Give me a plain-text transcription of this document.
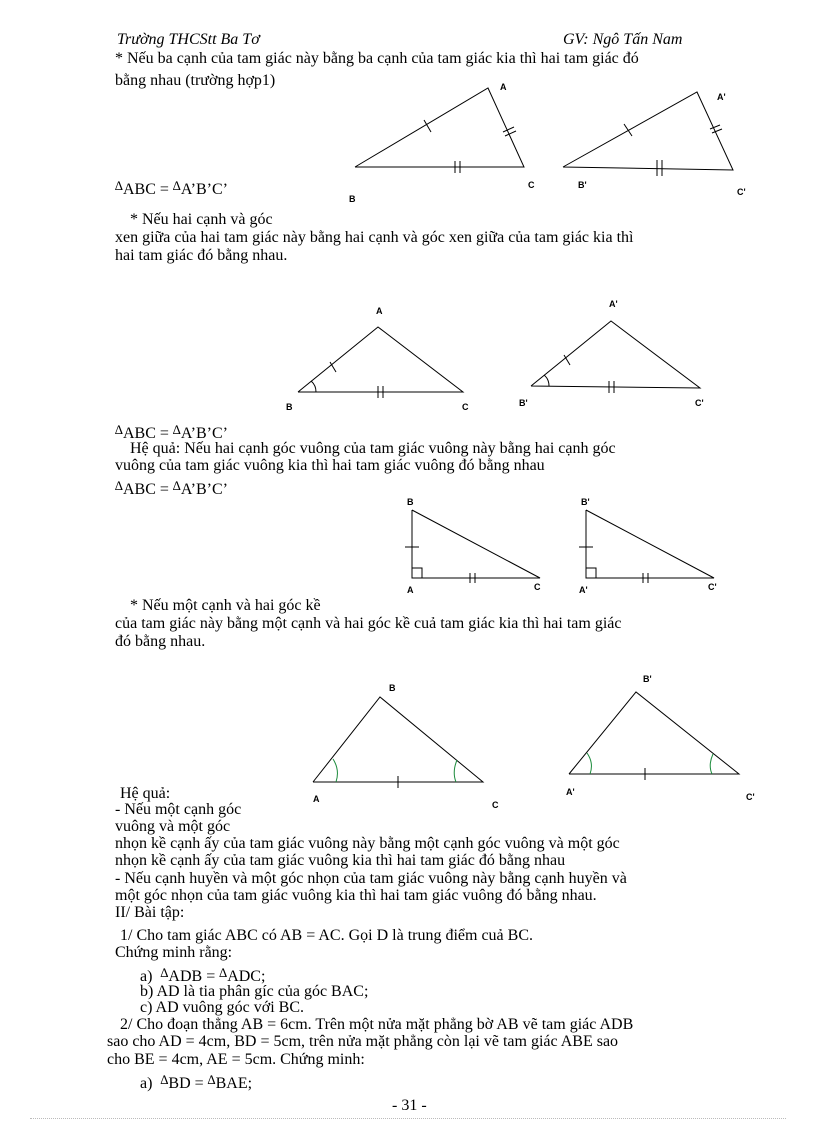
Trường THCStt Ba Tơ	GV: Ngô Tấn Nam
* Nếu ba cạnh của tam giác này bằng ba cạnh của tam giác kia thì hai tam giác đó
bằng nhau (trường hợp1)
∆ABC = ∆A’B’C’
* Nếu hai cạnh và góc
xen giữa của hai tam giác này bằng hai cạnh và góc xen giữa của tam giác kia thì
hai tam giác đó bằng nhau.
∆ABC = ∆A’B’C’
Hệ quả: Nếu hai cạnh góc vuông của tam giác vuông này bằng hai cạnh góc
vuông của tam giác vuông kia thì hai tam giác vuông đó bằng nhau
∆ABC = ∆A’B’C’
* Nếu một cạnh và hai góc kề
của tam giác này bằng một cạnh và hai góc kề cuả tam giác kia thì hai tam giác
đó bằng nhau.
Hệ quả:
- Nếu một cạnh góc
vuông và một góc
nhọn kề cạnh ấy của tam giác vuông này bằng một cạnh góc vuông và một góc
nhọn kề cạnh ấy của tam giác vuông kia thì hai tam giác đó bằng nhau
- Nếu cạnh huyền và một góc nhọn của tam giác vuông này bằng cạnh huyền và
một góc nhọn của tam giác vuông kia thì hai tam giác vuông đó bằng nhau.
II/ Bài tập:
1/ Cho tam giác ABC có AB = AC. Gọi D là trung điểm cuả BC.
Chứng minh rằng:
a) ∆ADB = ∆ADC;
b) AD là tia phân gíc của góc BAC;
c) AD vuông góc với BC.
2/ Cho đoạn thẳng AB = 6cm. Trên một nửa mặt phẳng bờ AB vẽ tam giác ADB
sao cho AD = 4cm, BD = 5cm, trên nửa mặt phẳng còn lại vẽ tam giác ABE sao
cho BE = 4cm, AE = 5cm. Chứng minh:
a) ∆BD = ∆BAE;
- 31 -
A
B
C
A'
B'
C'
A
B	C
A'
B'	C'
B
A	C
B'
A'	C'
B
A
C
B'
A'	C'
